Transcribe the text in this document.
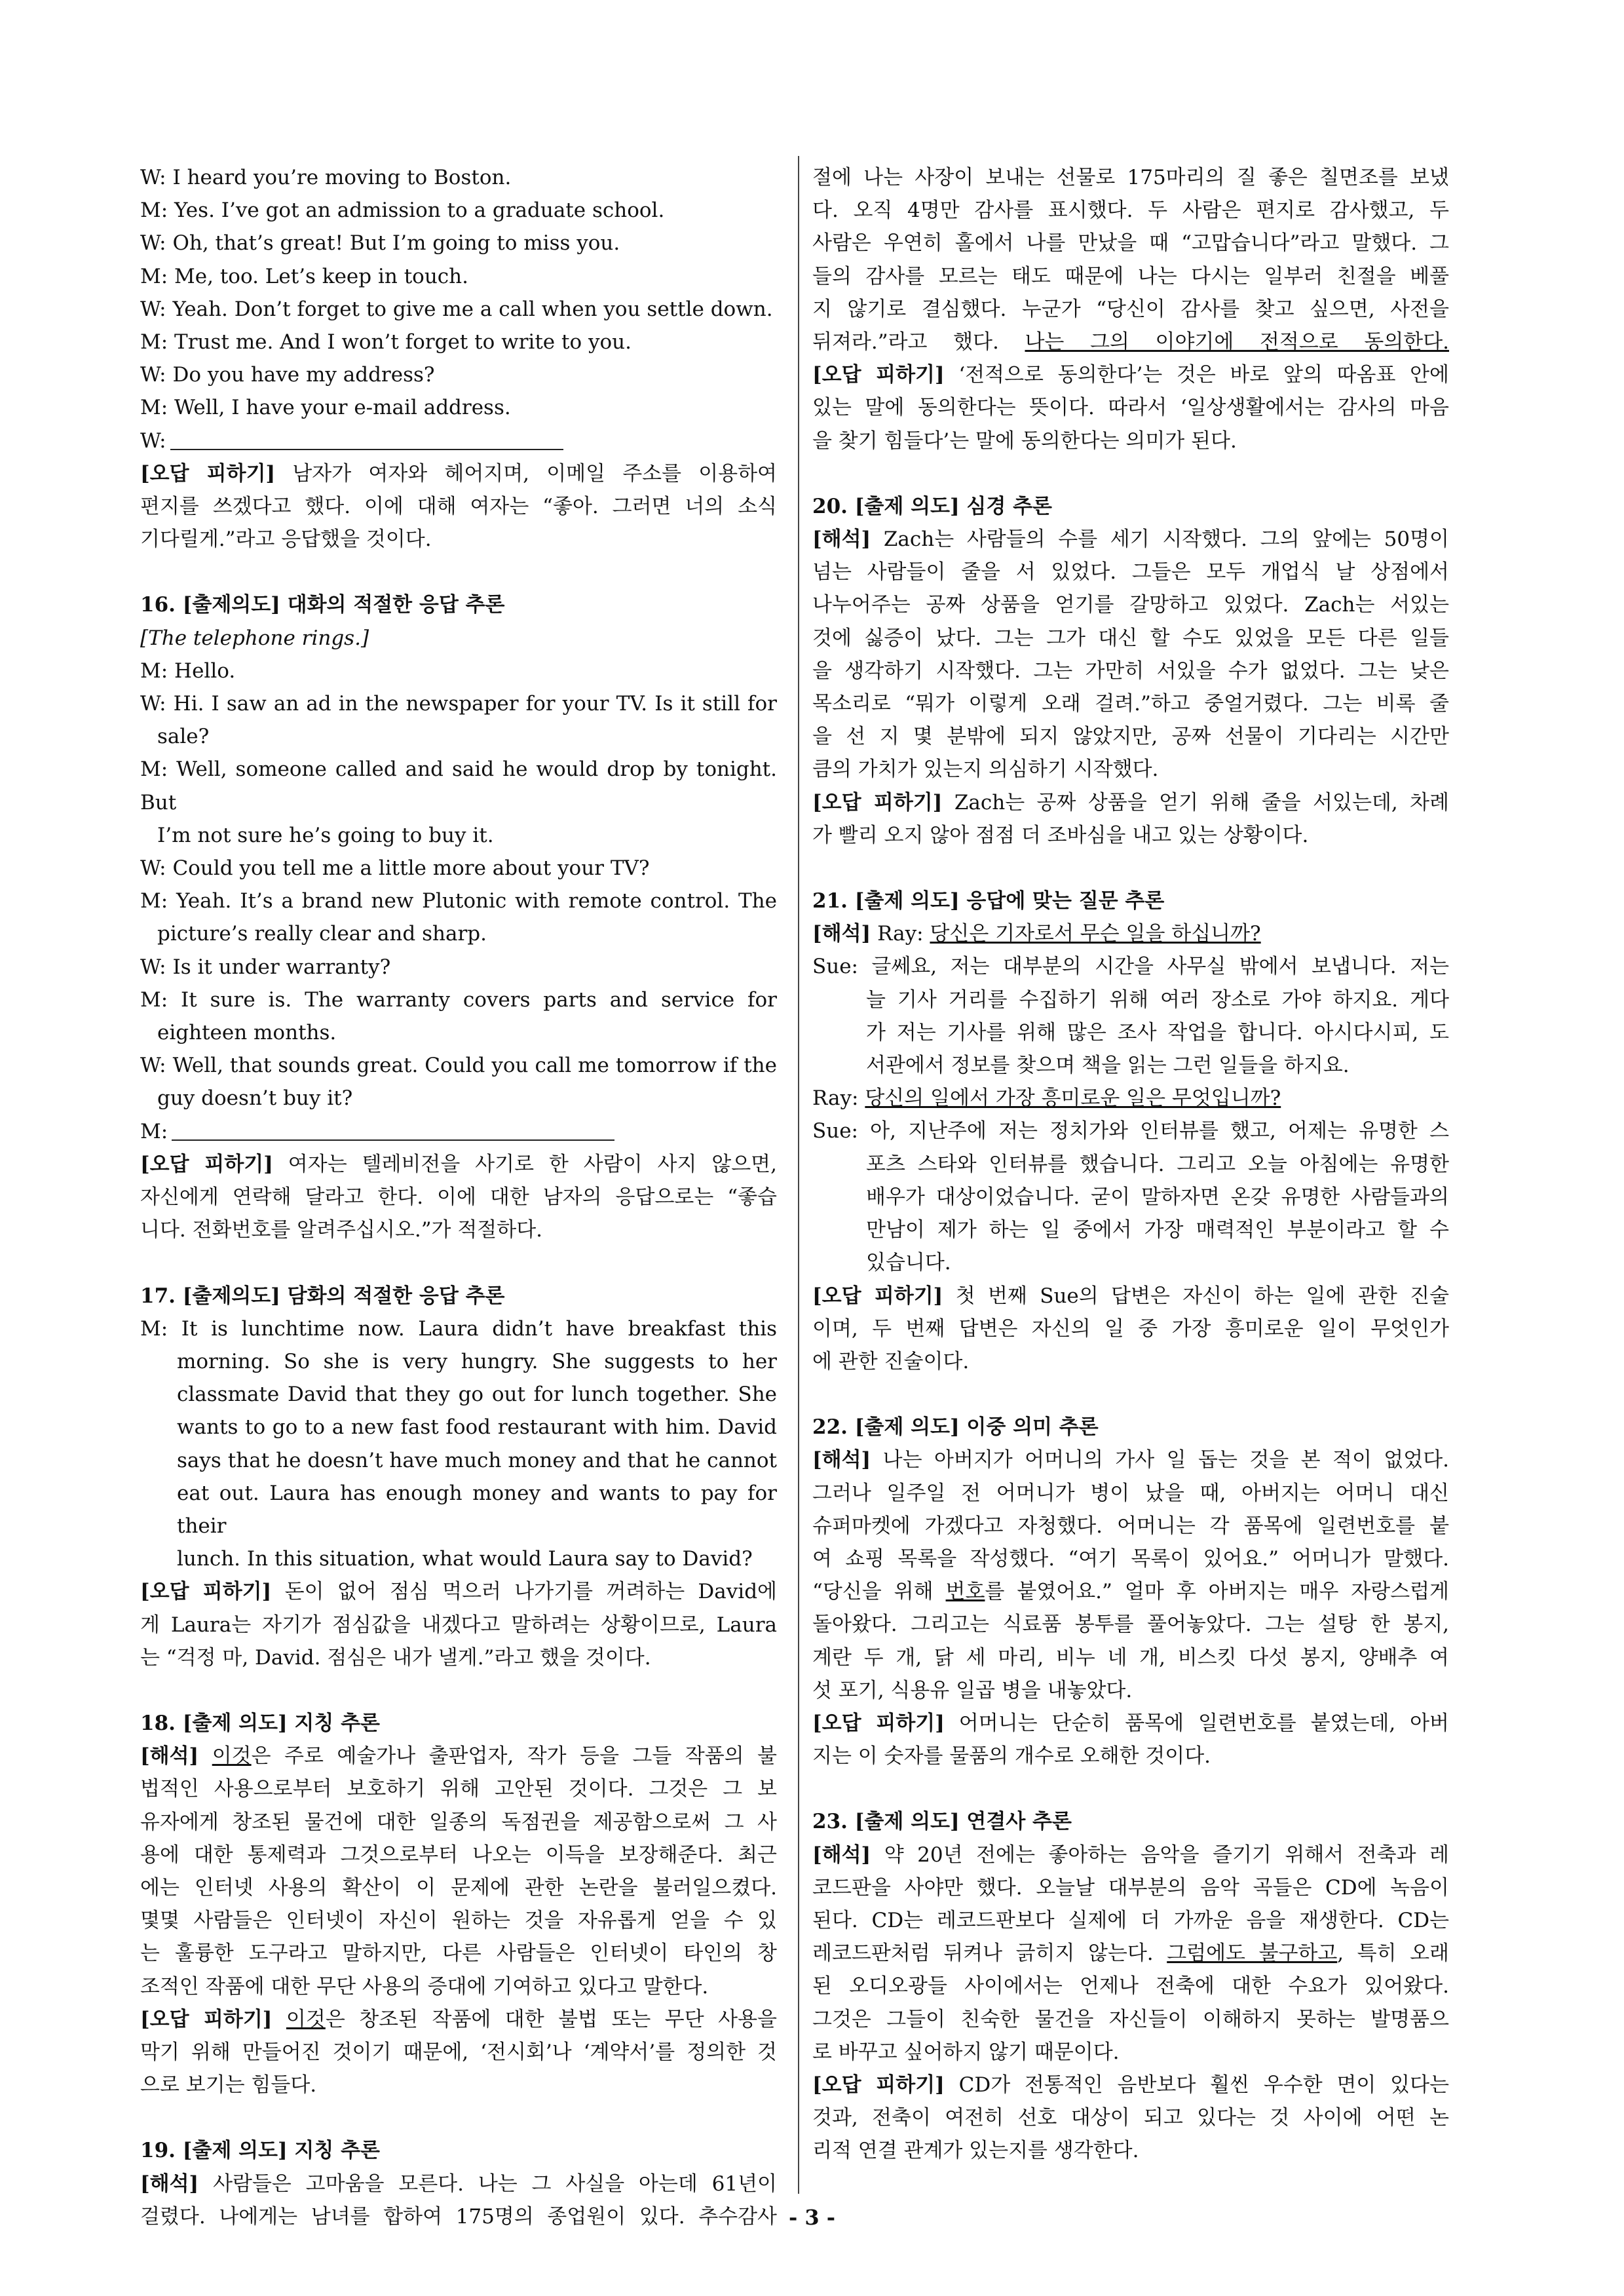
W: I heard you’re moving to Boston.
M: Yes. I’ve got an admission to a graduate school.
W: Oh, that’s great! But I’m going to miss you.
M: Me, too. Let’s keep in touch.
W: Yeah. Don’t forget to give me a call when you settle down.
M: Trust me. And I won’t forget to write to you.
W: Do you have my address?
M: Well, I have your e-mail address.
W:
[오답 피하기] 남자가 여자와 헤어지며, 이메일 주소를 이용하여
편지를 쓰겠다고 했다. 이에 대해 여자는 “좋아. 그러면 너의 소식
기다릴게.”라고 응답했을 것이다.
16. [출제의도] 대화의 적절한 응답 추론
[The telephone rings.]
M: Hello.
W: Hi. I saw an ad in the newspaper for your TV. Is it still for
sale?
M: Well, someone called and said he would drop by tonight. But
I’m not sure he’s going to buy it.
W: Could you tell me a little more about your TV?
M: Yeah. It’s a brand new Plutonic with remote control. The
picture’s really clear and sharp.
W: Is it under warranty?
M: It sure is. The warranty covers parts and service for
eighteen months.
W: Well, that sounds great. Could you call me tomorrow if the
guy doesn’t buy it?
M:
[오답 피하기] 여자는 텔레비전을 사기로 한 사람이 사지 않으면,
자신에게 연락해 달라고 한다. 이에 대한 남자의 응답으로는 “좋습
니다. 전화번호를 알려주십시오.”가 적절하다.
17. [출제의도] 담화의 적절한 응답 추론
M: It is lunchtime now. Laura didn’t have breakfast this
morning. So she is very hungry. She suggests to her
classmate David that they go out for lunch together. She
wants to go to a new fast food restaurant with him. David
says that he doesn’t have much money and that he cannot
eat out. Laura has enough money and wants to pay for their
lunch. In this situation, what would Laura say to David?
[오답 피하기] 돈이 없어 점심 먹으러 나가기를 꺼려하는 David에
게 Laura는 자기가 점심값을 내겠다고 말하려는 상황이므로, Laura
는 “걱정 마, David. 점심은 내가 낼게.”라고 했을 것이다.
18. [출제 의도] 지칭 추론
[해석] 이것은 주로 예술가나 출판업자, 작가 등을 그들 작품의 불
법적인 사용으로부터 보호하기 위해 고안된 것이다. 그것은 그 보
유자에게 창조된 물건에 대한 일종의 독점권을 제공함으로써 그 사
용에 대한 통제력과 그것으로부터 나오는 이득을 보장해준다. 최근
에는 인터넷 사용의 확산이 이 문제에 관한 논란을 불러일으켰다.
몇몇 사람들은 인터넷이 자신이 원하는 것을 자유롭게 얻을 수 있
는 훌륭한 도구라고 말하지만, 다른 사람들은 인터넷이 타인의 창
조적인 작품에 대한 무단 사용의 증대에 기여하고 있다고 말한다.
[오답 피하기] 이것은 창조된 작품에 대한 불법 또는 무단 사용을
막기 위해 만들어진 것이기 때문에, ‘전시회’나 ‘계약서’를 정의한 것
으로 보기는 힘들다.
19. [출제 의도] 지칭 추론
[해석] 사람들은 고마움을 모른다. 나는 그 사실을 아는데 61년이
걸렸다. 나에게는 남녀를 합하여 175명의 종업원이 있다. 추수감사
절에 나는 사장이 보내는 선물로 175마리의 질 좋은 칠면조를 보냈
다. 오직 4명만 감사를 표시했다. 두 사람은 편지로 감사했고, 두
사람은 우연히 홀에서 나를 만났을 때 “고맙습니다”라고 말했다. 그
들의 감사를 모르는 태도 때문에 나는 다시는 일부러 친절을 베풀
지 않기로 결심했다. 누군가 “당신이 감사를 찾고 싶으면, 사전을
뒤져라.”라고 했다. 나는 그의 이야기에 전적으로 동의한다.
[오답 피하기] ‘전적으로 동의한다’는 것은 바로 앞의 따옴표 안에
있는 말에 동의한다는 뜻이다. 따라서 ‘일상생활에서는 감사의 마음
을 찾기 힘들다’는 말에 동의한다는 의미가 된다.
20. [출제 의도] 심경 추론
[해석] Zach는 사람들의 수를 세기 시작했다. 그의 앞에는 50명이
넘는 사람들이 줄을 서 있었다. 그들은 모두 개업식 날 상점에서
나누어주는 공짜 상품을 얻기를 갈망하고 있었다. Zach는 서있는
것에 싫증이 났다. 그는 그가 대신 할 수도 있었을 모든 다른 일들
을 생각하기 시작했다. 그는 가만히 서있을 수가 없었다. 그는 낮은
목소리로 “뭐가 이렇게 오래 걸려.”하고 중얼거렸다. 그는 비록 줄
을 선 지 몇 분밖에 되지 않았지만, 공짜 선물이 기다리는 시간만
큼의 가치가 있는지 의심하기 시작했다.
[오답 피하기] Zach는 공짜 상품을 얻기 위해 줄을 서있는데, 차례
가 빨리 오지 않아 점점 더 조바심을 내고 있는 상황이다.
21. [출제 의도] 응답에 맞는 질문 추론
[해석] Ray: 당신은 기자로서 무슨 일을 하십니까?
Sue: 글쎄요, 저는 대부분의 시간을 사무실 밖에서 보냅니다. 저는
늘 기사 거리를 수집하기 위해 여러 장소로 가야 하지요. 게다
가 저는 기사를 위해 많은 조사 작업을 합니다. 아시다시피, 도
서관에서 정보를 찾으며 책을 읽는 그런 일들을 하지요.
Ray: 당신의 일에서 가장 흥미로운 일은 무엇입니까?
Sue: 아, 지난주에 저는 정치가와 인터뷰를 했고, 어제는 유명한 스
포츠 스타와 인터뷰를 했습니다. 그리고 오늘 아침에는 유명한
배우가 대상이었습니다. 굳이 말하자면 온갖 유명한 사람들과의
만남이 제가 하는 일 중에서 가장 매력적인 부분이라고 할 수
있습니다.
[오답 피하기] 첫 번째 Sue의 답변은 자신이 하는 일에 관한 진술
이며, 두 번째 답변은 자신의 일 중 가장 흥미로운 일이 무엇인가
에 관한 진술이다.
22. [출제 의도] 이중 의미 추론
[해석] 나는 아버지가 어머니의 가사 일 돕는 것을 본 적이 없었다.
그러나 일주일 전 어머니가 병이 났을 때, 아버지는 어머니 대신
슈퍼마켓에 가겠다고 자청했다. 어머니는 각 품목에 일련번호를 붙
여 쇼핑 목록을 작성했다. “여기 목록이 있어요.” 어머니가 말했다.
“당신을 위해 번호를 붙였어요.” 얼마 후 아버지는 매우 자랑스럽게
돌아왔다. 그리고는 식료품 봉투를 풀어놓았다. 그는 설탕 한 봉지,
계란 두 개, 닭 세 마리, 비누 네 개, 비스킷 다섯 봉지, 양배추 여
섯 포기, 식용유 일곱 병을 내놓았다.
[오답 피하기] 어머니는 단순히 품목에 일련번호를 붙였는데, 아버
지는 이 숫자를 물품의 개수로 오해한 것이다.
23. [출제 의도] 연결사 추론
[해석] 약 20년 전에는 좋아하는 음악을 즐기기 위해서 전축과 레
코드판을 사야만 했다. 오늘날 대부분의 음악 곡들은 CD에 녹음이
된다. CD는 레코드판보다 실제에 더 가까운 음을 재생한다. CD는
레코드판처럼 뒤켜나 긁히지 않는다. 그럼에도 불구하고, 특히 오래
된 오디오광들 사이에서는 언제나 전축에 대한 수요가 있어왔다.
그것은 그들이 친숙한 물건을 자신들이 이해하지 못하는 발명품으
로 바꾸고 싶어하지 않기 때문이다.
[오답 피하기] CD가 전통적인 음반보다 훨씬 우수한 면이 있다는
것과, 전축이 여전히 선호 대상이 되고 있다는 것 사이에 어떤 논
리적 연결 관계가 있는지를 생각한다.
- 3 -
